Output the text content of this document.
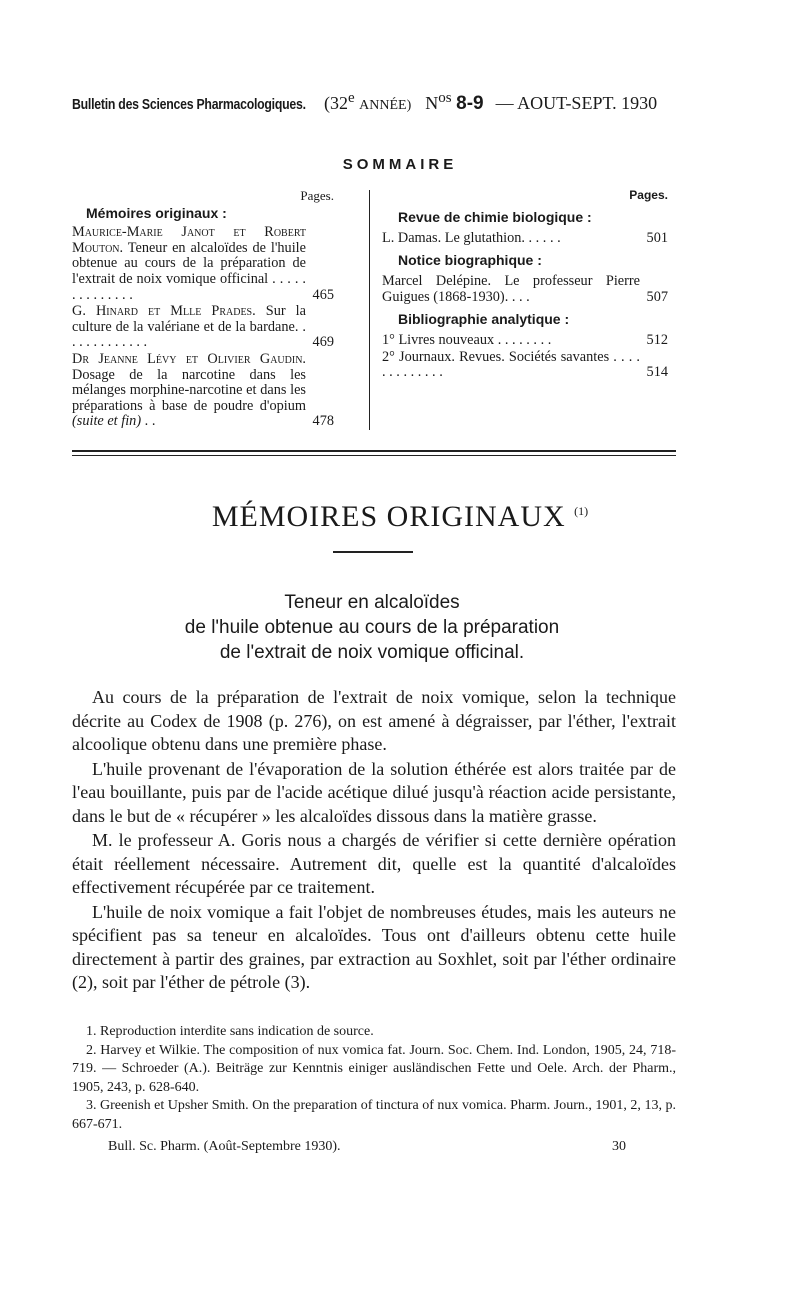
Bulletin des Sciences Pharmacologiques. (32e ANNÉE) $N^{os}$ 8-9 — AOUT-SEPT. 1930
SOMMAIRE
Pages.
Mémoires originaux :
Maurice-Marie Janot et Robert Mouton. Teneur en alcaloïdes de l'huile obtenue au cours de la préparation de l'extrait de noix vomique officinal . . . . . . . . . . . . . .	465
G. Hinard et Mlle Prades. Sur la culture de la valériane et de la bardane. . . . . . . . . . . . .	469
Dr Jeanne Lévy et Olivier Gaudin. Dosage de la narcotine dans les mélanges morphine-narcotine et dans les préparations à base de poudre d'opium (suite et fin) . .	478
Pages.
Revue de chimie biologique :
L. Damas. Le glutathion. . . . . .	501
Notice biographique :
Marcel Delépine. Le professeur Pierre Guigues (1868-1930). . . .	507
Bibliographie analytique :
1° Livres nouveaux . . . . . . . .	512
2° Journaux. Revues. Sociétés savantes . . . . . . . . . . . . .	514
MÉMOIRES ORIGINAUX $^{(1)}$
Teneur en alcaloïdes
de l'huile obtenue au cours de la préparation
de l'extrait de noix vomique officinal.

Au cours de la préparation de l'extrait de noix vomique, selon la technique décrite au Codex de 1908 (p. 276), on est amené à dégraisser, par l'éther, l'extrait alcoolique obtenu dans une première phase.

L'huile provenant de l'évaporation de la solution éthérée est alors traitée par de l'eau bouillante, puis par de l'acide acétique dilué jusqu'à réaction acide persistante, dans le but de « récupérer » les alcaloïdes dissous dans la matière grasse.

M. le professeur A. Goris nous a chargés de vérifier si cette dernière opération était réellement nécessaire. Autrement dit, quelle est la quantité d'alcaloïdes effectivement récupérée par ce traitement.

L'huile de noix vomique a fait l'objet de nombreuses études, mais les auteurs ne spécifient pas sa teneur en alcaloïdes. Tous ont d'ailleurs obtenu cette huile directement à partir des graines, par extraction au Soxhlet, soit par l'éther ordinaire (2), soit par l'éther de pétrole (3).

1. Reproduction interdite sans indication de source.

2. Harvey et Wilkie. The composition of nux vomica fat. Journ. Soc. Chem. Ind. London, 1905, 24, 718-719. — Schroeder (A.). Beiträge zur Kenntnis einiger ausländischen Fette und Oele. Arch. der Pharm., 1905, 243, p. 628-640.

3. Greenish et Upsher Smith. On the preparation of tinctura of nux vomica. Pharm. Journ., 1901, 2, 13, p. 667-671.

Bull. Sc. Pharm. (Août-Septembre 1930).	30
